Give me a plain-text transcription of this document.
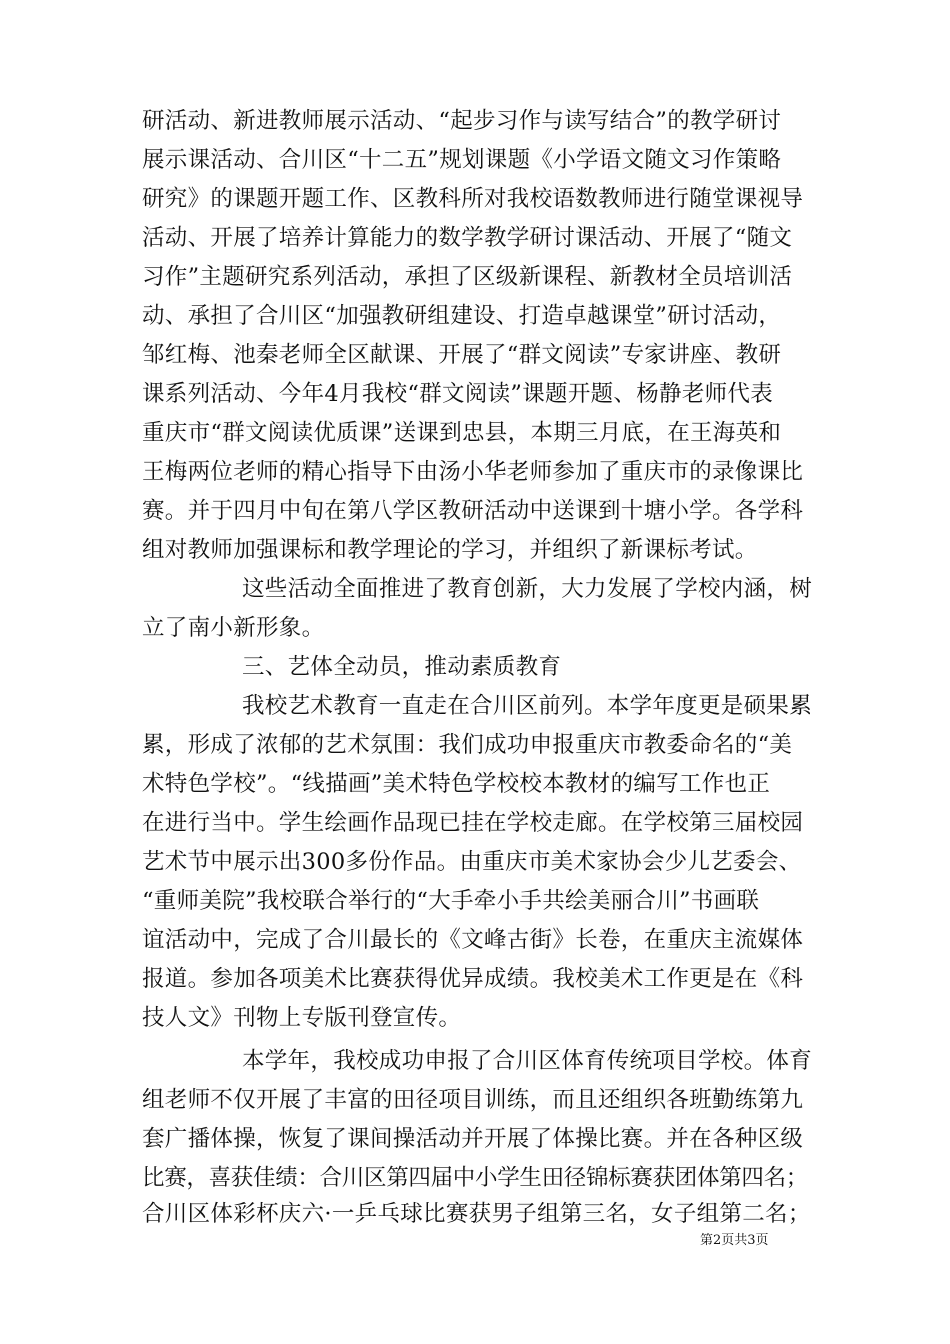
研活动、新进教师展示活动、“起步习作与读写结合”的教学研讨
展示课活动、合川区“十二五”规划课题《小学语文随文习作策略
研究》的课题开题工作、区教科所对我校语数教师进行随堂课视导
活动、开展了培养计算能力的数学教学研讨课活动、开展了“随文
习作”主题研究系列活动，承担了区级新课程、新教材全员培训活
动、承担了合川区“加强教研组建设、打造卓越课堂”研讨活动，
邹红梅、池秦老师全区献课、开展了“群文阅读”专家讲座、教研
课系列活动、今年4月我校“群文阅读”课题开题、杨静老师代表
重庆市“群文阅读优质课”送课到忠县，本期三月底，在王海英和
王梅两位老师的精心指导下由汤小华老师参加了重庆市的录像课比
赛。并于四月中旬在第八学区教研活动中送课到十塘小学。各学科
组对教师加强课标和教学理论的学习，并组织了新课标考试。
这些活动全面推进了教育创新，大力发展了学校内涵，树
立了南小新形象。
三、艺体全动员，推动素质教育
我校艺术教育一直走在合川区前列。本学年度更是硕果累
累，形成了浓郁的艺术氛围：我们成功申报重庆市教委命名的“美
术特色学校”。“线描画”美术特色学校校本教材的编写工作也正
在进行当中。学生绘画作品现已挂在学校走廊。在学校第三届校园
艺术节中展示出300多份作品。由重庆市美术家协会少儿艺委会、
“重师美院”我校联合举行的“大手牵小手共绘美丽合川”书画联
谊活动中，完成了合川最长的《文峰古街》长卷，在重庆主流媒体
报道。参加各项美术比赛获得优异成绩。我校美术工作更是在《科
技人文》刊物上专版刊登宣传。
本学年，我校成功申报了合川区体育传统项目学校。体育
组老师不仅开展了丰富的田径项目训练，而且还组织各班勤练第九
套广播体操，恢复了课间操活动并开展了体操比赛。并在各种区级
比赛，喜获佳绩：合川区第四届中小学生田径锦标赛获团体第四名；
合川区体彩杯庆六·一乒乓球比赛获男子组第三名，女子组第二名；
第2页共3页
